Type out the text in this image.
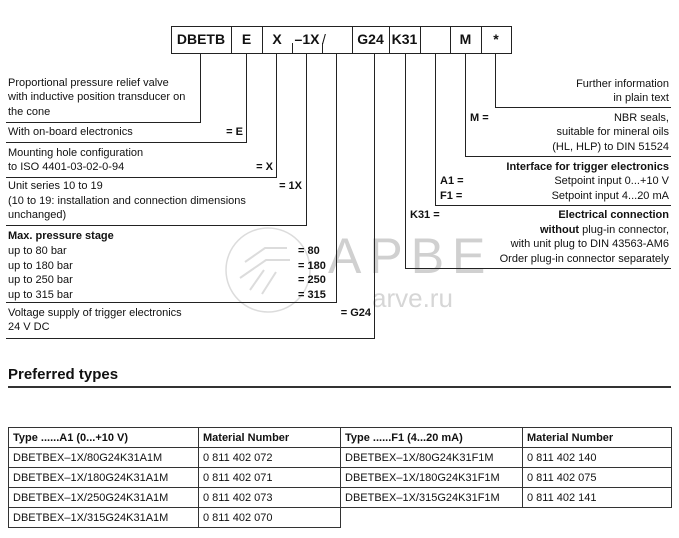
АРВЕ
arve.ru
DBETB	E	X –1X /	G24 K31	M	*
Proportional pressure relief valve
with inductive position transducer on
the cone
With on-board electronics	= E
Mounting hole configuration
to ISO 4401-03-02-0-94	= X
Unit series 10 to 19	= 1X
(10 to 19: installation and connection dimensions
unchanged)
Max. pressure stage
up to 80 bar	= 80
up to 180 bar	= 180
up to 250 bar	= 250
up to 315 bar	= 315
Voltage supply of trigger electronics	= G24
24 V DC
Further information
in plain text
M =	NBR seals,
suitable for mineral oils
(HL, HLP) to DIN 51524
Interface for trigger electronics
A1 =	Setpoint input 0...+10 V
F1 =	Setpoint input 4...20 mA
K31 =	Electrical connection
without plug-in connector,
with unit plug to DIN 43563-AM6
Order plug-in connector separately
Preferred types
Type ......A1 (0...+10 V)	Material Number	Type ......F1 (4...20 mA)	Material Number
DBETBEX–1X/80G24K31A1M	0 811 402 072	DBETBEX–1X/80G24K31F1M	0 811 402 140
DBETBEX–1X/180G24K31A1M	0 811 402 071	DBETBEX–1X/180G24K31F1M	0 811 402 075
DBETBEX–1X/250G24K31A1M	0 811 402 073	DBETBEX–1X/315G24K31F1M	0 811 402 141
DBETBEX–1X/315G24K31A1M	0 811 402 070		
